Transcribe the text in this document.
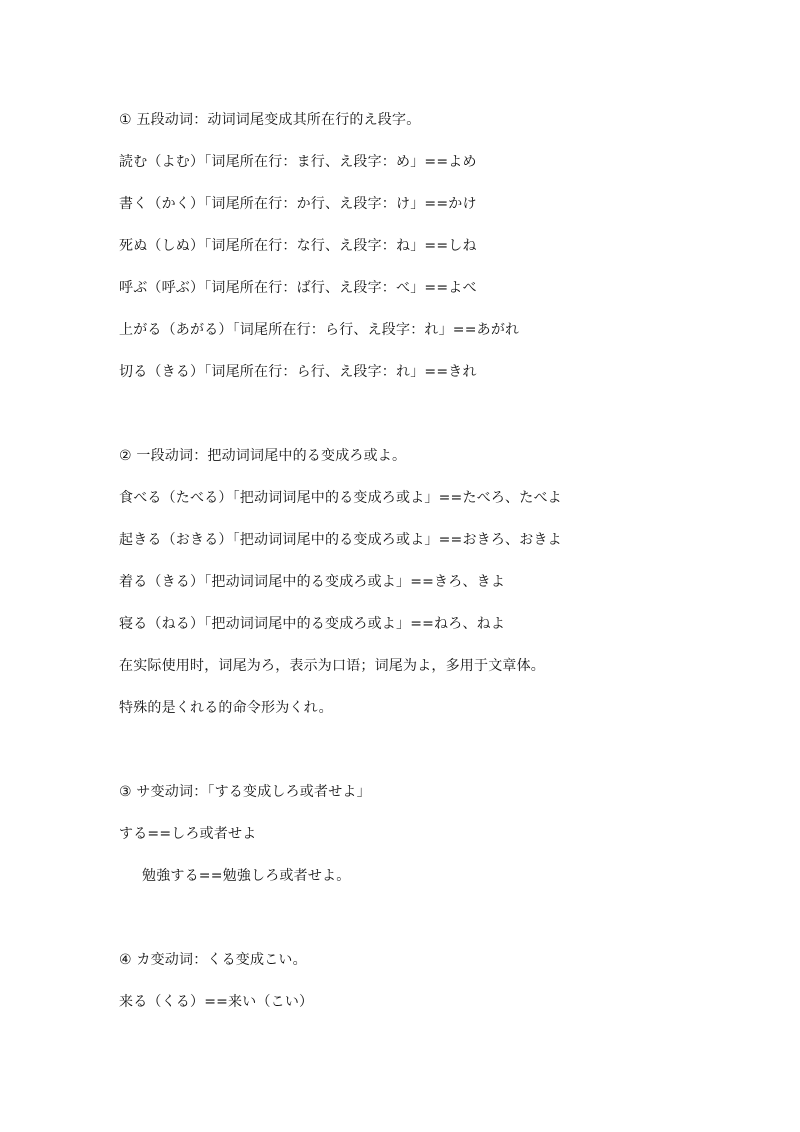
① 五段动词：动词词尾变成其所在行的え段字。
読む（よむ）「词尾所在行：ま行、え段字：め」==よめ
書く（かく）「词尾所在行：か行、え段字：け」==かけ
死ぬ（しぬ）「词尾所在行：な行、え段字：ね」==しね
呼ぶ（呼ぶ）「词尾所在行：ば行、え段字：べ」==よべ
上がる（あがる）「词尾所在行：ら行、え段字：れ」==あがれ
切る（きる）「词尾所在行：ら行、え段字：れ」==きれ
② 一段动词：把动词词尾中的る变成ろ或よ。
食べる（たべる）「把动词词尾中的る变成ろ或よ」==たべろ、たべよ
起きる（おきる）「把动词词尾中的る变成ろ或よ」==おきろ、おきよ
着る（きる）「把动词词尾中的る变成ろ或よ」==きろ、きよ
寝る（ねる）「把动词词尾中的る变成ろ或よ」==ねろ、ねよ
在实际使用时，词尾为ろ，表示为口语；词尾为よ，多用于文章体。
特殊的是くれる的命令形为くれ。
③ サ变动词：「する变成しろ或者せよ」
する==しろ或者せよ
勉強する==勉強しろ或者せよ。
④ カ变动词：くる变成こい。
来る（くる）==来い（こい）
